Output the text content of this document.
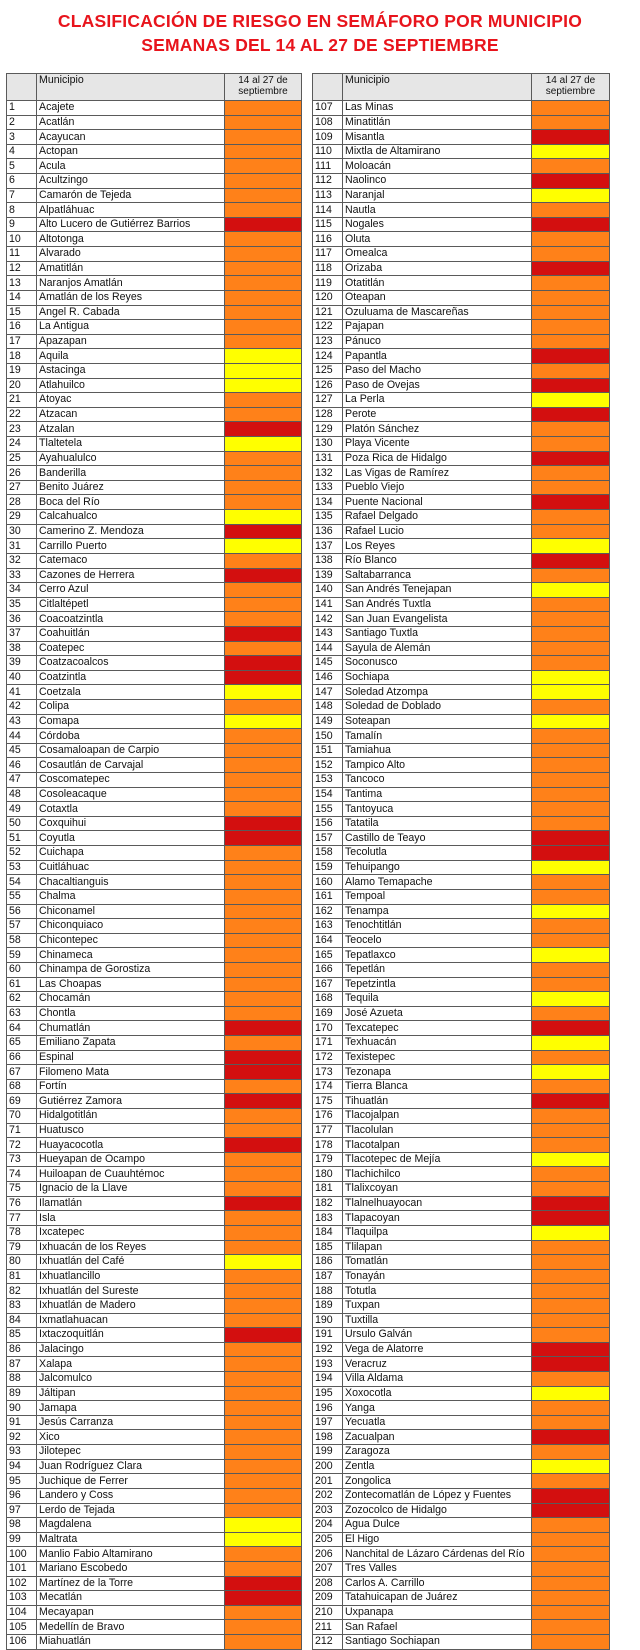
CLASIFICACIÓN DE RIESGO EN SEMÁFORO POR MUNICIPIO
SEMANAS DEL 14 AL 27 DE SEPTIEMBRE
	Municipio	14 al 27 de
septiembre
1	Acajete	
2	Acatlán	
3	Acayucan	
4	Actopan	
5	Acula	
6	Acultzingo	
7	Camarón de Tejeda	
8	Alpatláhuac	
9	Alto Lucero de Gutiérrez Barrios	
10	Altotonga	
11	Alvarado	
12	Amatitlán	
13	Naranjos Amatlán	
14	Amatlán de los Reyes	
15	Angel R. Cabada	
16	La Antigua	
17	Apazapan	
18	Aquila	
19	Astacinga	
20	Atlahuilco	
21	Atoyac	
22	Atzacan	
23	Atzalan	
24	Tlaltetela	
25	Ayahualulco	
26	Banderilla	
27	Benito Juárez	
28	Boca del Río	
29	Calcahualco	
30	Camerino Z. Mendoza	
31	Carrillo Puerto	
32	Catemaco	
33	Cazones de Herrera	
34	Cerro Azul	
35	Citlaltépetl	
36	Coacoatzintla	
37	Coahuitlán	
38	Coatepec	
39	Coatzacoalcos	
40	Coatzintla	
41	Coetzala	
42	Colipa	
43	Comapa	
44	Córdoba	
45	Cosamaloapan de Carpio	
46	Cosautlán de Carvajal	
47	Coscomatepec	
48	Cosoleacaque	
49	Cotaxtla	
50	Coxquihui	
51	Coyutla	
52	Cuichapa	
53	Cuitláhuac	
54	Chacaltianguis	
55	Chalma	
56	Chiconamel	
57	Chiconquiaco	
58	Chicontepec	
59	Chinameca	
60	Chinampa de Gorostiza	
61	Las Choapas	
62	Chocamán	
63	Chontla	
64	Chumatlán	
65	Emiliano Zapata	
66	Espinal	
67	Filomeno Mata	
68	Fortín	
69	Gutiérrez Zamora	
70	Hidalgotitlán	
71	Huatusco	
72	Huayacocotla	
73	Hueyapan de Ocampo	
74	Huiloapan de Cuauhtémoc	
75	Ignacio de la Llave	
76	Ilamatlán	
77	Isla	
78	Ixcatepec	
79	Ixhuacán de los Reyes	
80	Ixhuatlán del Café	
81	Ixhuatlancillo	
82	Ixhuatlán del Sureste	
83	Ixhuatlán de Madero	
84	Ixmatlahuacan	
85	Ixtaczoquitlán	
86	Jalacingo	
87	Xalapa	
88	Jalcomulco	
89	Jáltipan	
90	Jamapa	
91	Jesús Carranza	
92	Xico	
93	Jilotepec	
94	Juan Rodríguez Clara	
95	Juchique de Ferrer	
96	Landero y Coss	
97	Lerdo de Tejada	
98	Magdalena	
99	Maltrata	
100	Manlio Fabio Altamirano	
101	Mariano Escobedo	
102	Martínez de la Torre	
103	Mecatlán	
104	Mecayapan	
105	Medellín de Bravo	
106	Miahuatlán	
	Municipio	14 al 27 de
septiembre
107	Las Minas	
108	Minatitlán	
109	Misantla	
110	Mixtla de Altamirano	
111	Moloacán	
112	Naolinco	
113	Naranjal	
114	Nautla	
115	Nogales	
116	Oluta	
117	Omealca	
118	Orizaba	
119	Otatitlán	
120	Oteapan	
121	Ozuluama de Mascareñas	
122	Pajapan	
123	Pánuco	
124	Papantla	
125	Paso del Macho	
126	Paso de Ovejas	
127	La Perla	
128	Perote	
129	Platón Sánchez	
130	Playa Vicente	
131	Poza Rica de Hidalgo	
132	Las Vigas de Ramírez	
133	Pueblo Viejo	
134	Puente Nacional	
135	Rafael Delgado	
136	Rafael Lucio	
137	Los Reyes	
138	Río Blanco	
139	Saltabarranca	
140	San Andrés Tenejapan	
141	San Andrés Tuxtla	
142	San Juan Evangelista	
143	Santiago Tuxtla	
144	Sayula de Alemán	
145	Soconusco	
146	Sochiapa	
147	Soledad Atzompa	
148	Soledad de Doblado	
149	Soteapan	
150	Tamalín	
151	Tamiahua	
152	Tampico Alto	
153	Tancoco	
154	Tantima	
155	Tantoyuca	
156	Tatatila	
157	Castillo de Teayo	
158	Tecolutla	
159	Tehuipango	
160	Alamo Temapache	
161	Tempoal	
162	Tenampa	
163	Tenochtitlán	
164	Teocelo	
165	Tepatlaxco	
166	Tepetlán	
167	Tepetzintla	
168	Tequila	
169	José Azueta	
170	Texcatepec	
171	Texhuacán	
172	Texistepec	
173	Tezonapa	
174	Tierra Blanca	
175	Tihuatlán	
176	Tlacojalpan	
177	Tlacolulan	
178	Tlacotalpan	
179	Tlacotepec de Mejía	
180	Tlachichilco	
181	Tlalixcoyan	
182	Tlalnelhuayocan	
183	Tlapacoyan	
184	Tlaquilpa	
185	Tlilapan	
186	Tomatlán	
187	Tonayán	
188	Totutla	
189	Tuxpan	
190	Tuxtilla	
191	Ursulo Galván	
192	Vega de Alatorre	
193	Veracruz	
194	Villa Aldama	
195	Xoxocotla	
196	Yanga	
197	Yecuatla	
198	Zacualpan	
199	Zaragoza	
200	Zentla	
201	Zongolica	
202	Zontecomatlán de López y Fuentes	
203	Zozocolco de Hidalgo	
204	Agua Dulce	
205	El Higo	
206	Nanchital de Lázaro Cárdenas del Río	
207	Tres Valles	
208	Carlos A. Carrillo	
209	Tatahuicapan de Juárez	
210	Uxpanapa	
211	San Rafael	
212	Santiago Sochiapan	
